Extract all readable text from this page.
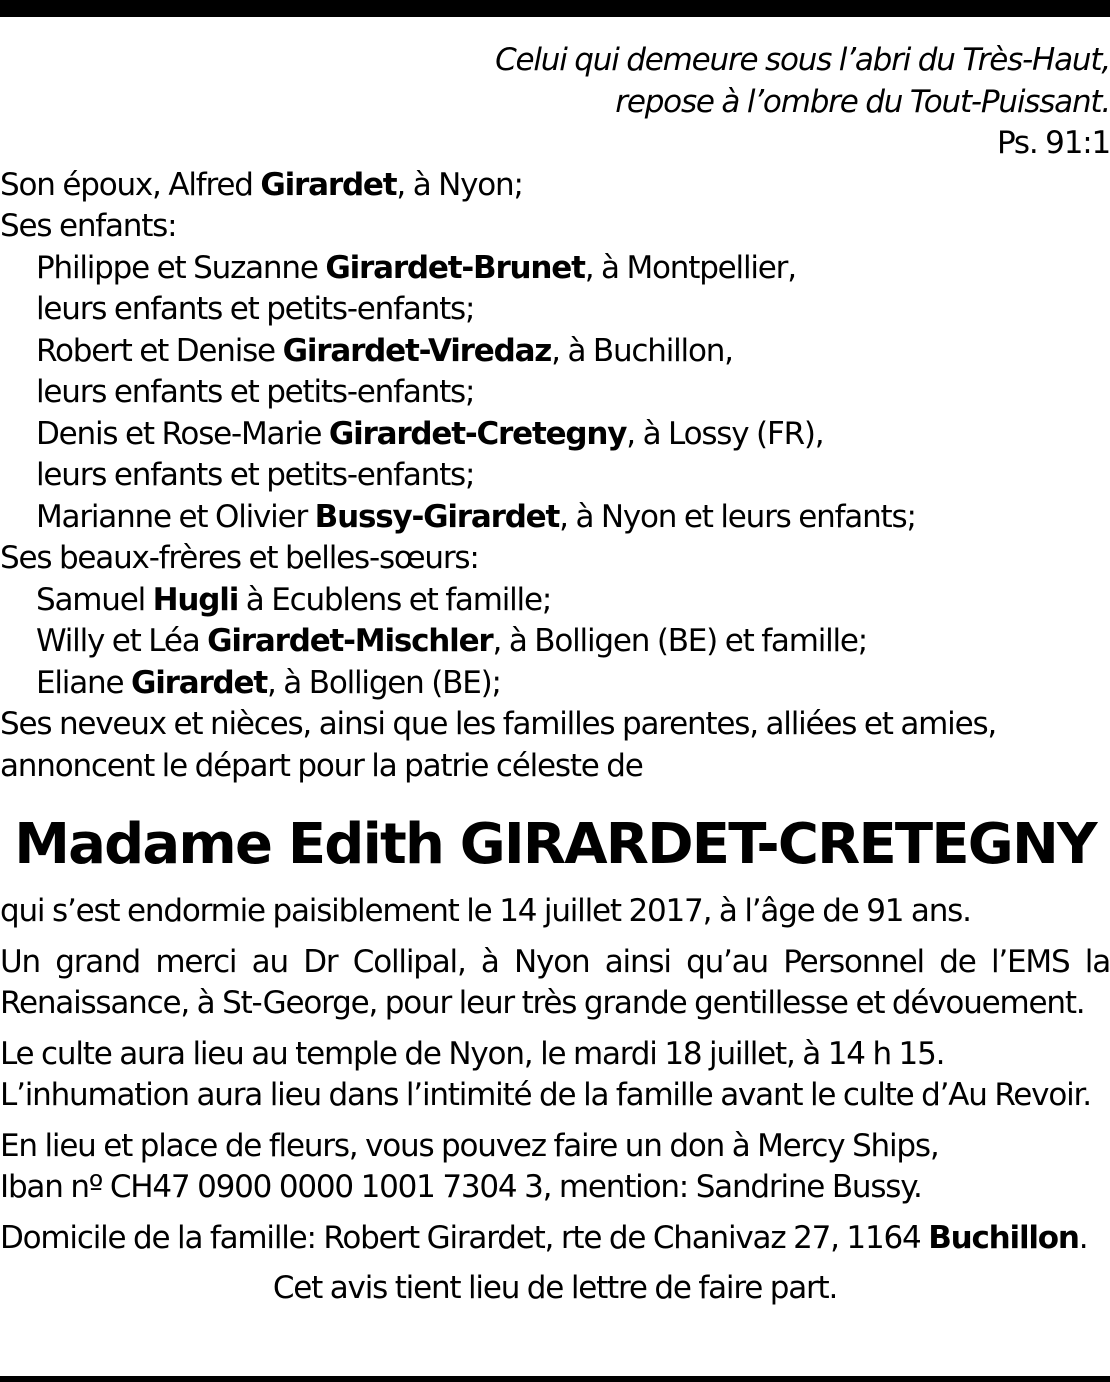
Celui qui demeure sous l’abri du Très-Haut,
repose à l’ombre du Tout-Puissant.
Ps. 91:1
Son époux, Alfred Girardet, à Nyon;
Ses enfants:
Philippe et Suzanne Girardet-Brunet, à Montpellier,
leurs enfants et petits-enfants;
Robert et Denise Girardet-Viredaz, à Buchillon,
leurs enfants et petits-enfants;
Denis et Rose-Marie Girardet-Cretegny, à Lossy (FR),
leurs enfants et petits-enfants;
Marianne et Olivier Bussy-Girardet, à Nyon et leurs enfants;
Ses beaux-frères et belles-sœurs:
Samuel Hugli à Ecublens et famille;
Willy et Léa Girardet-Mischler, à Bolligen (BE) et famille;
Eliane Girardet, à Bolligen (BE);
Ses neveux et nièces, ainsi que les familles parentes, alliées et amies,
annoncent le départ pour la patrie céleste de
Madame Edith GIRARDET-CRETEGNY
qui s’est endormie paisiblement le 14 juillet 2017, à l’âge de 91 ans.
Un grand merci au Dr Collipal, à Nyon ainsi qu’au Personnel de l’EMS la
Renaissance, à St-George, pour leur très grande gentillesse et dévouement.
Le culte aura lieu au temple de Nyon, le mardi 18 juillet, à 14 h 15.
L’inhumation aura lieu dans l’intimité de la famille avant le culte d’Au Revoir.
En lieu et place de fleurs, vous pouvez faire un don à Mercy Ships,
Iban nº CH47 0900 0000 1001 7304 3, mention: Sandrine Bussy.
Domicile de la famille: Robert Girardet, rte de Chanivaz 27, 1164 Buchillon.
Cet avis tient lieu de lettre de faire part.
